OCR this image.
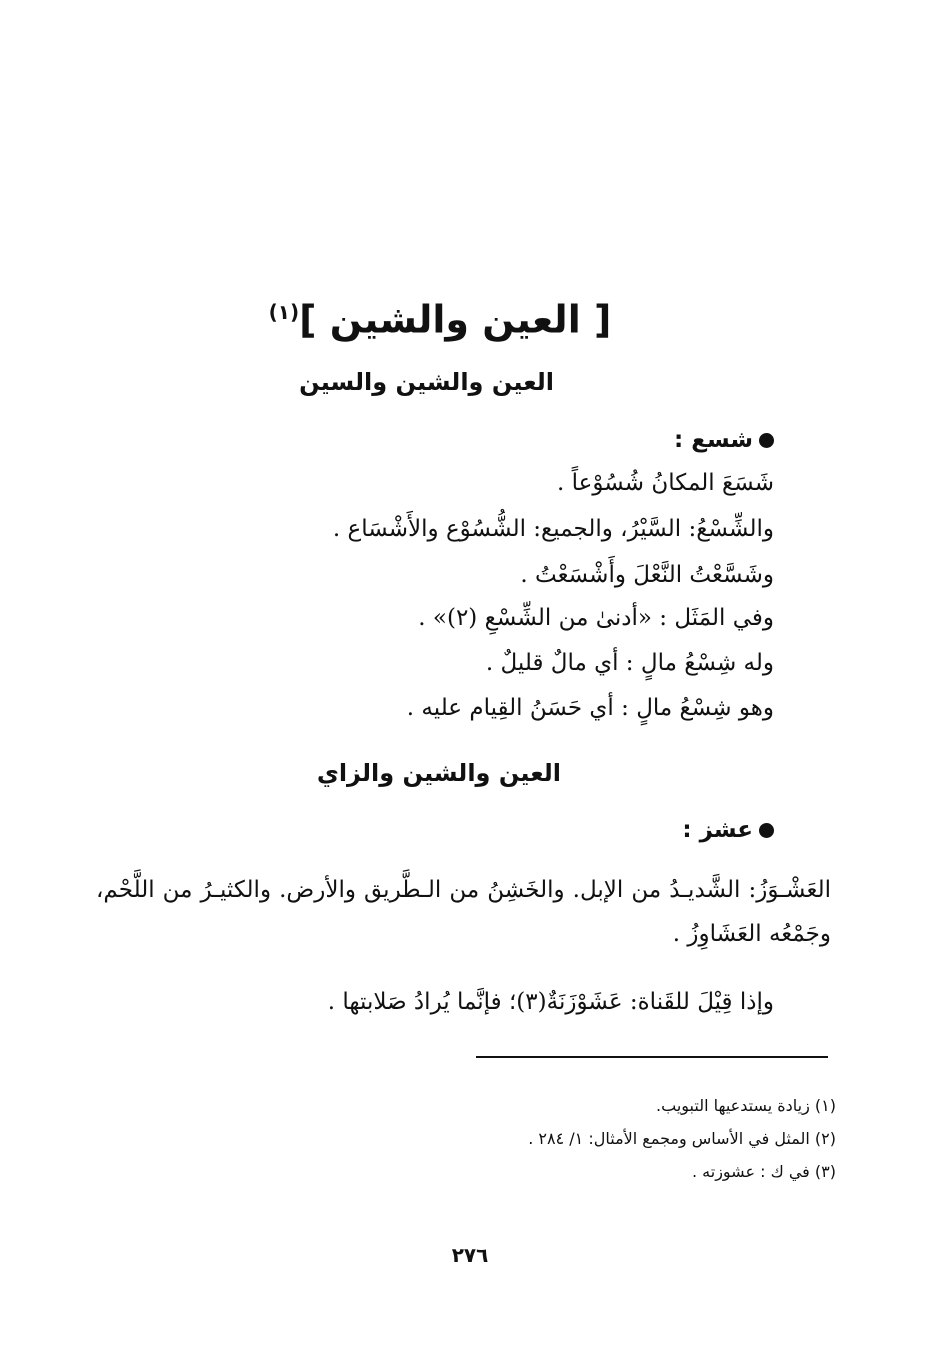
[ العين والشين ]$^{(١)}$
العين والشين والسين
شسع :
شَسَعَ المكانُ شُسُوْعاً .
والشِّسْعُ: السَّيْرُ، والجميع: الشُّسُوْع والأَشْسَاع .
وشَسَّعْتُ النَّعْلَ وأَشْسَعْتُ .
وفي المَثَل : «أدنىٰ من الشِّسْعِ (٢)» .
وله شِسْعُ مالٍ : أي مالٌ قليلٌ .
وهو شِسْعُ مالٍ : أي حَسَنُ القِيام عليه .
العين والشين والزاي
عشز :
العَشْـوَزُ: الشَّديـدُ من الإبل. والخَشِنُ من الـطَّريق والأرض. والكثيـرُ من اللَّحْم، وجَمْعُه العَشَاوِزُ .
وإذا قِيْلَ للقَناة: عَشَوْزَنَةٌ(٣)؛ فإنَّما يُرادُ صَلابتها .
(١) زيادة يستدعيها التبويب.
(٢) المثل في الأساس ومجمع الأمثال: ١/ ٢٨٤ .
(٣) في ك : عشوزته .
٢٧٦
